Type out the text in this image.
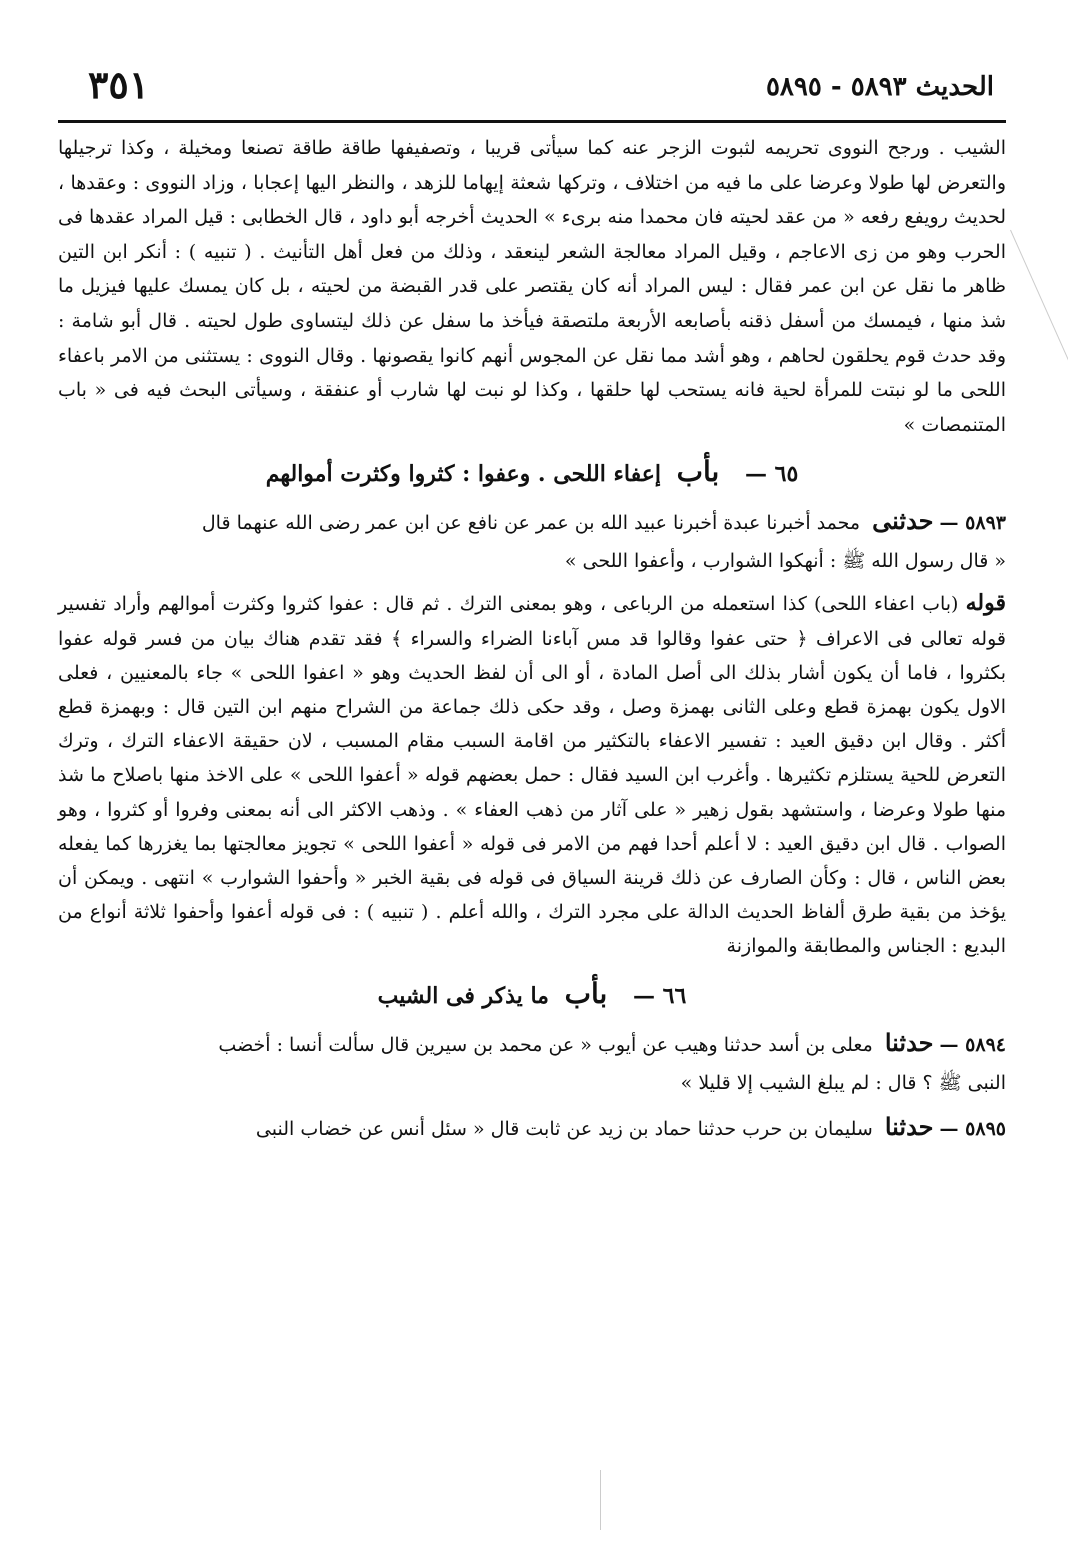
الحديث ٥٨٩٣ - ٥٨٩٥
٣٥١

الشيب . ورجح النووى تحريمه لثبوت الزجر عنه كما سيأتى قريبا ، وتصفيفها طاقة طاقة تصنعا ومخيلة ، وكذا ترجيلها والتعرض لها طولا وعرضا على ما فيه من اختلاف ، وتركها شعثة إيهاما للزهد ، والنظر اليها إعجابا ، وزاد النووى : وعقدها ، لحديث رويفع رفعه « من عقد لحيته فان محمدا منه برىء » الحديث أخرجه أبو داود ، قال الخطابى : قيل المراد عقدها فى الحرب وهو من زى الاعاجم ، وقيل المراد معالجة الشعر لينعقد ، وذلك من فعل أهل التأنيث . ( تنبيه ) : أنكر ابن التين ظاهر ما نقل عن ابن عمر فقال : ليس المراد أنه كان يقتصر على قدر القبضة من لحيته ، بل كان يمسك عليها فيزيل ما شذ منها ، فيمسك من أسفل ذقنه بأصابعه الأربعة ملتصقة فيأخذ ما سفل عن ذلك ليتساوى طول لحيته . قال أبو شامة : وقد حدث قوم يحلقون لحاهم ، وهو أشد مما نقل عن المجوس أنهم كانوا يقصونها . وقال النووى : يستثنى من الامر باعفاء اللحى ما لو نبتت للمرأة لحية فانه يستحب لها حلقها ، وكذا لو نبت لها شارب أو عنفقة ، وسيأتى البحث فيه فى « باب المتنمصات »

٦٥ — بأب إعفاء اللحى . وعفوا : كثروا وكثرت أموالهم

٥٨٩٣ — حدثنى محمد أخبرنا عبدة أخبرنا عبيد الله بن عمر عن نافع عن ابن عمر رضى الله عنهما قال

« قال رسول الله ﷺ : أنهكوا الشوارب ، وأعفوا اللحى »

قوله (باب اعفاء اللحى) كذا استعمله من الرباعى ، وهو بمعنى الترك . ثم قال : عفوا كثروا وكثرت أموالهم وأراد تفسير قوله تعالى فى الاعراف ﴿ حتى عفوا وقالوا قد مس آباءنا الضراء والسراء ﴾ فقد تقدم هناك بيان من فسر قوله عفوا بكثروا ، فاما أن يكون أشار بذلك الى أصل المادة ، أو الى أن لفظ الحديث وهو « اعفوا اللحى » جاء بالمعنيين ، فعلى الاول يكون بهمزة قطع وعلى الثانى بهمزة وصل ، وقد حكى ذلك جماعة من الشراح منهم ابن التين قال : وبهمزة قطع أكثر . وقال ابن دقيق العيد : تفسير الاعفاء بالتكثير من اقامة السبب مقام المسبب ، لان حقيقة الاعفاء الترك ، وترك التعرض للحية يستلزم تكثيرها . وأغرب ابن السيد فقال : حمل بعضهم قوله « أعفوا اللحى » على الاخذ منها باصلاح ما شذ منها طولا وعرضا ، واستشهد بقول زهير « على آثار من ذهب العفاء » . وذهب الاكثر الى أنه بمعنى وفروا أو كثروا ، وهو الصواب . قال ابن دقيق العيد : لا أعلم أحدا فهم من الامر فى قوله « أعفوا اللحى » تجويز معالجتها بما يغزرها كما يفعله بعض الناس ، قال : وكأن الصارف عن ذلك قرينة السياق فى قوله فى بقية الخبر « وأحفوا الشوارب » انتهى . ويمكن أن يؤخذ من بقية طرق ألفاظ الحديث الدالة على مجرد الترك ، والله أعلم . ( تنبيه ) : فى قوله أعفوا وأحفوا ثلاثة أنواع من البديع : الجناس والمطابقة والموازنة

٦٦ — بأب ما يذكر فى الشيب

٥٨٩٤ — حدثنا معلى بن أسد حدثنا وهيب عن أيوب « عن محمد بن سيرين قال سألت أنسا : أخضب

النبى ﷺ ؟ قال : لم يبلغ الشيب إلا قليلا »

٥٨٩٥ — حدثنا سليمان بن حرب حدثنا حماد بن زيد عن ثابت قال « سئل أنس عن خضاب النبى
